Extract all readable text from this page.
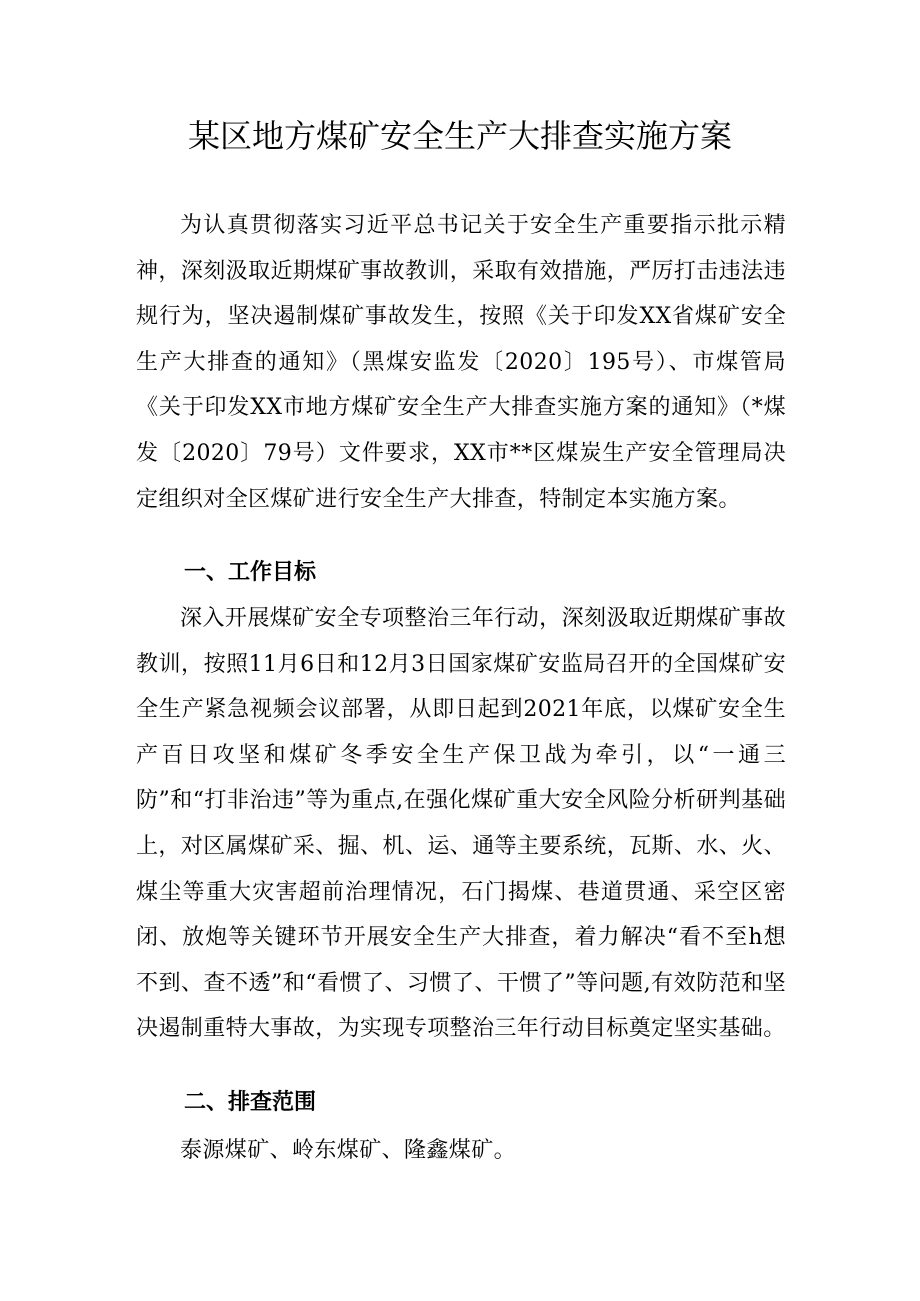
某区地方煤矿安全生产大排查实施方案

为认真贯彻落实习近平总书记关于安全生产重要指示批示精神，深刻汲取近期煤矿事故教训，采取有效措施，严厉打击违法违规行为，坚决遏制煤矿事故发生，按照《关于印发XX省煤矿安全生产大排查的通知》（黑煤安监发〔2020〕195号）、市煤管局《关于印发XX市地方煤矿安全生产大排查实施方案的通知》（*煤发〔2020〕79号）文件要求，XX市**区煤炭生产安全管理局决定组织对全区煤矿进行安全生产大排查，特制定本实施方案。

一、工作目标

深入开展煤矿安全专项整治三年行动，深刻汲取近期煤矿事故教训，按照11月6日和12月3日国家煤矿安监局召开的全国煤矿安全生产紧急视频会议部署，从即日起到2021年底，以煤矿安全生产百日攻坚和煤矿冬季安全生产保卫战为牵引，以“一通三防”和“打非治违”等为重点,在强化煤矿重大安全风险分析研判基础上，对区属煤矿采、掘、机、运、通等主要系统，瓦斯、水、火、煤尘等重大灾害超前治理情况，石门揭煤、巷道贯通、采空区密闭、放炮等关键环节开展安全生产大排查，着力解决“看不至h想不到、查不透”和“看惯了、习惯了、干惯了”等问题,有效防范和坚决遏制重特大事故，为实现专项整治三年行动目标奠定坚实基础。

二、排查范围

泰源煤矿、岭东煤矿、隆鑫煤矿。
